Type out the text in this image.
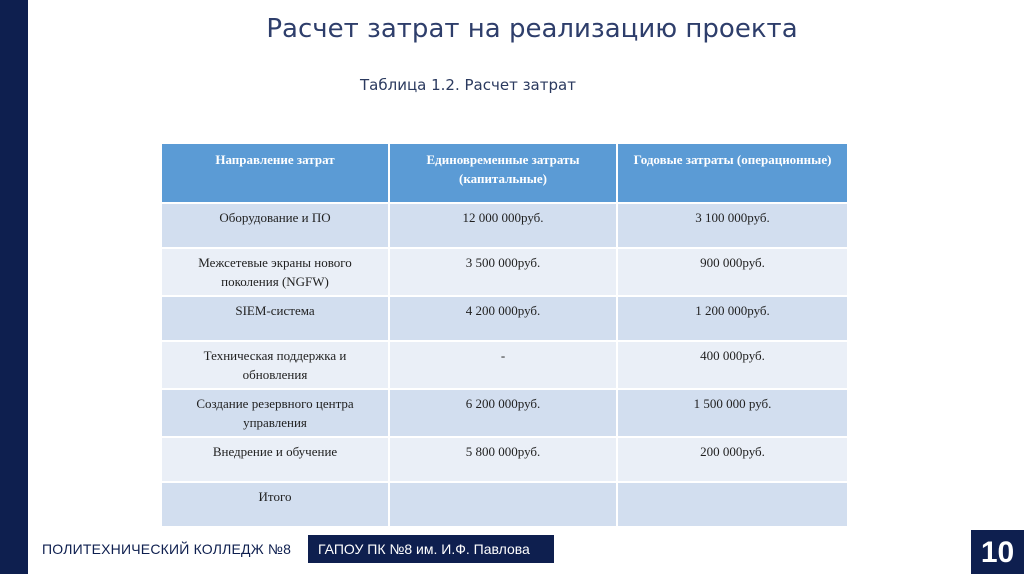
Расчет затрат на реализацию проекта
Таблица 1.2. Расчет затрат
Направление затрат	Единовременные затраты (капитальные)	Годовые затраты (операционные)
Оборудование и ПО	12 000 000руб.	3 100 000руб.
Межсетевые экраны нового поколения (NGFW)	3 500 000руб.	900 000руб.
SIEM-система	4 200 000руб.	1 200 000руб.
Техническая поддержка и обновления	-	400 000руб.
Создание резервного центра управления	6 200 000руб.	1 500 000 руб.
Внедрение и обучение	5 800 000руб.	200 000руб.
Итого		
ПОЛИТЕХНИЧЕСКИЙ КОЛЛЕДЖ №8	ГАПОУ ПК №8 им. И.Ф. Павлова	10
